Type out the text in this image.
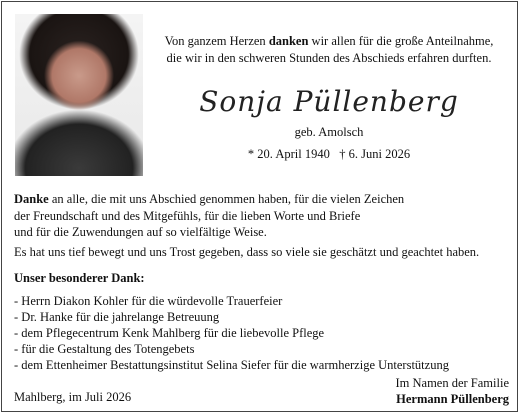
Von ganzem Herzen danken wir allen für die große Anteilnahme,
die wir in den schweren Stunden des Abschieds erfahren durften.
Sonja Püllenberg
geb. Amolsch
* 20. April 1940   † 6. Juni 2026
Danke an alle, die mit uns Abschied genommen haben, für die vielen Zeichen
der Freundschaft und des Mitgefühls, für die lieben Worte und Briefe
und für die Zuwendungen auf so vielfältige Weise.
Es hat uns tief bewegt und uns Trost gegeben, dass so viele sie geschätzt und geachtet haben.
Unser besonderer Dank:
- Herrn Diakon Kohler für die würdevolle Trauerfeier
- Dr. Hanke für die jahrelange Betreuung
- dem Pflegecentrum Kenk Mahlberg für die liebevolle Pflege
- für die Gestaltung des Totengebets
- dem Ettenheimer Bestattungsinstitut Selina Siefer für die warmherzige Unterstützung
Mahlberg, im Juli 2026
Im Namen der Familie
Hermann Püllenberg
